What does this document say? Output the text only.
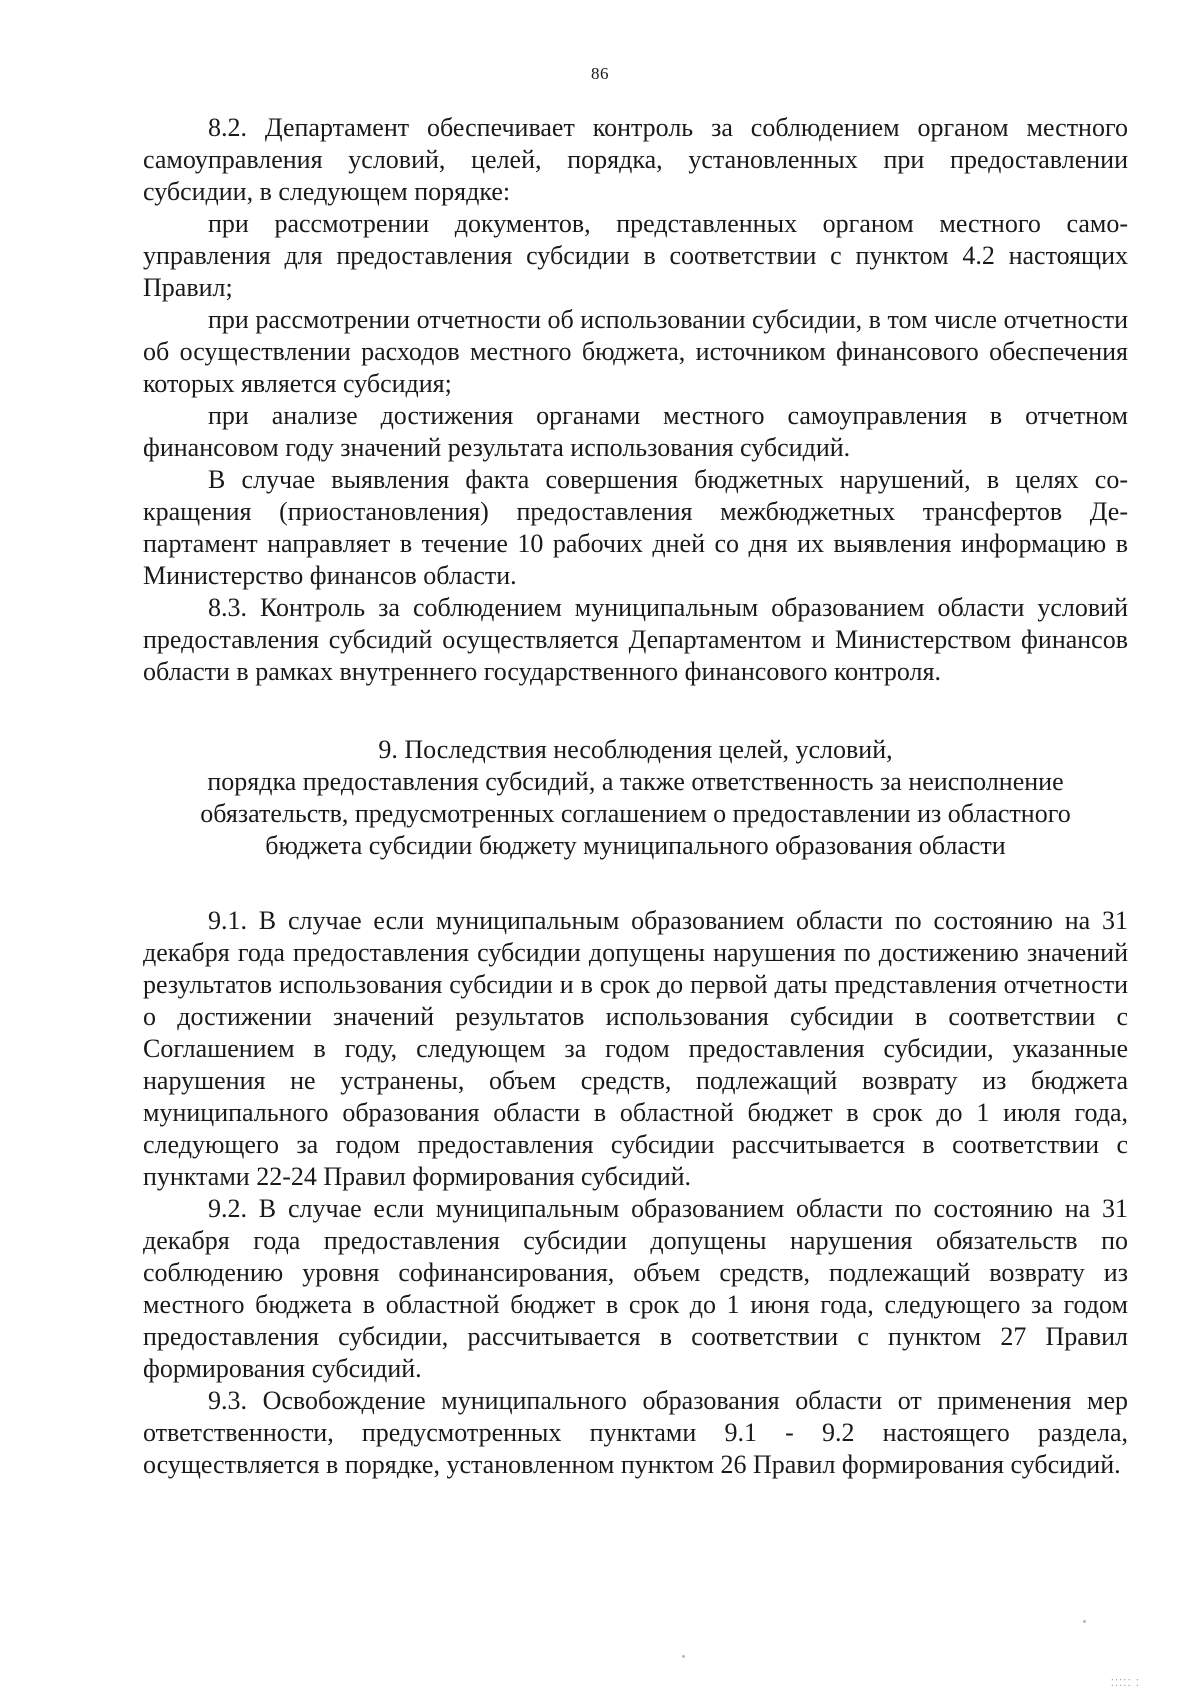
86

8.2. Департамент обеспечивает контроль за соблюдением органом местного самоуправления условий, целей, порядка, установленных при предоставлении субсидии, в следующем порядке:

при рассмотрении документов, представленных органом местного самоуправления для предоставления субсидии в соответствии с пунктом 4.2 настоящих Правил;

при рассмотрении отчетности об использовании субсидии, в том числе отчетности об осуществлении расходов местного бюджета, источником финансового обеспечения которых является субсидия;

при анализе достижения органами местного самоуправления в отчетном финансовом году значений результата использования субсидий.

В случае выявления факта совершения бюджетных нарушений, в целях сокращения (приостановления) предоставления межбюджетных трансфертов Департамент направляет в течение 10 рабочих дней со дня их выявления информацию в Министерство финансов области.

8.3. Контроль за соблюдением муниципальным образованием области условий предоставления субсидий осуществляется Департаментом и Министерством финансов области в рамках внутреннего государственного финансового контроля.

9. Последствия несоблюдения целей, условий,
порядка предоставления субсидий, а также ответственность за неисполнение
обязательств, предусмотренных соглашением о предоставлении из областного
бюджета субсидии бюджету муниципального образования области

9.1. В случае если муниципальным образованием области по состоянию на 31 декабря года предоставления субсидии допущены нарушения по достижению значений результатов использования субсидии и в срок до первой даты представления отчетности о достижении значений результатов использования субсидии в соответствии с Соглашением в году, следующем за годом предоставления субсидии, указанные нарушения не устранены, объем средств, подлежащий возврату из бюджета муниципального образования области в областной бюджет в срок до 1 июля года, следующего за годом предоставления субсидии рассчитывается в соответствии с пунктами 22-24 Правил формирования субсидий.

9.2. В случае если муниципальным образованием области по состоянию на 31 декабря года предоставления субсидии допущены нарушения обязательств по соблюдению уровня софинансирования, объем средств, подлежащий возврату из местного бюджета в областной бюджет в срок до 1 июня года, следующего за годом предоставления субсидии, рассчитывается в соответствии с пунктом 27 Правил формирования субсидий.

9.3. Освобождение муниципального образования области от применения мер ответственности, предусмотренных пунктами 9.1 - 9.2 настоящего раздела, осуществляется в порядке, установленном пунктом 26 Правил формирования субсидий.

⁚⁚⁚⁚⁚ ⁚
